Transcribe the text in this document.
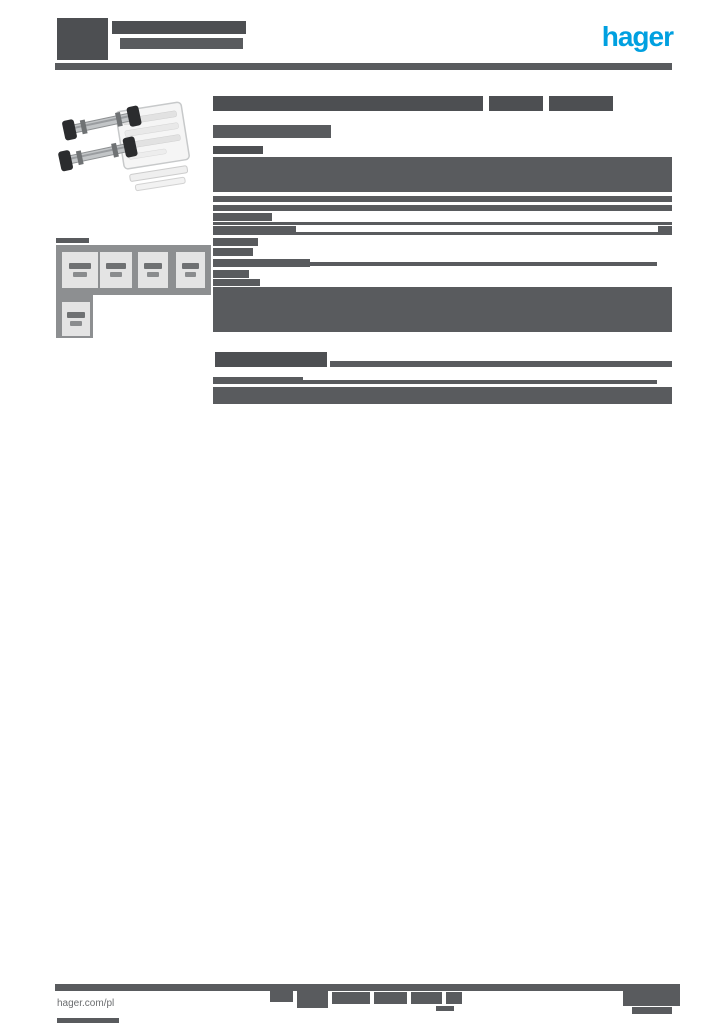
hager
hager.com/pl
